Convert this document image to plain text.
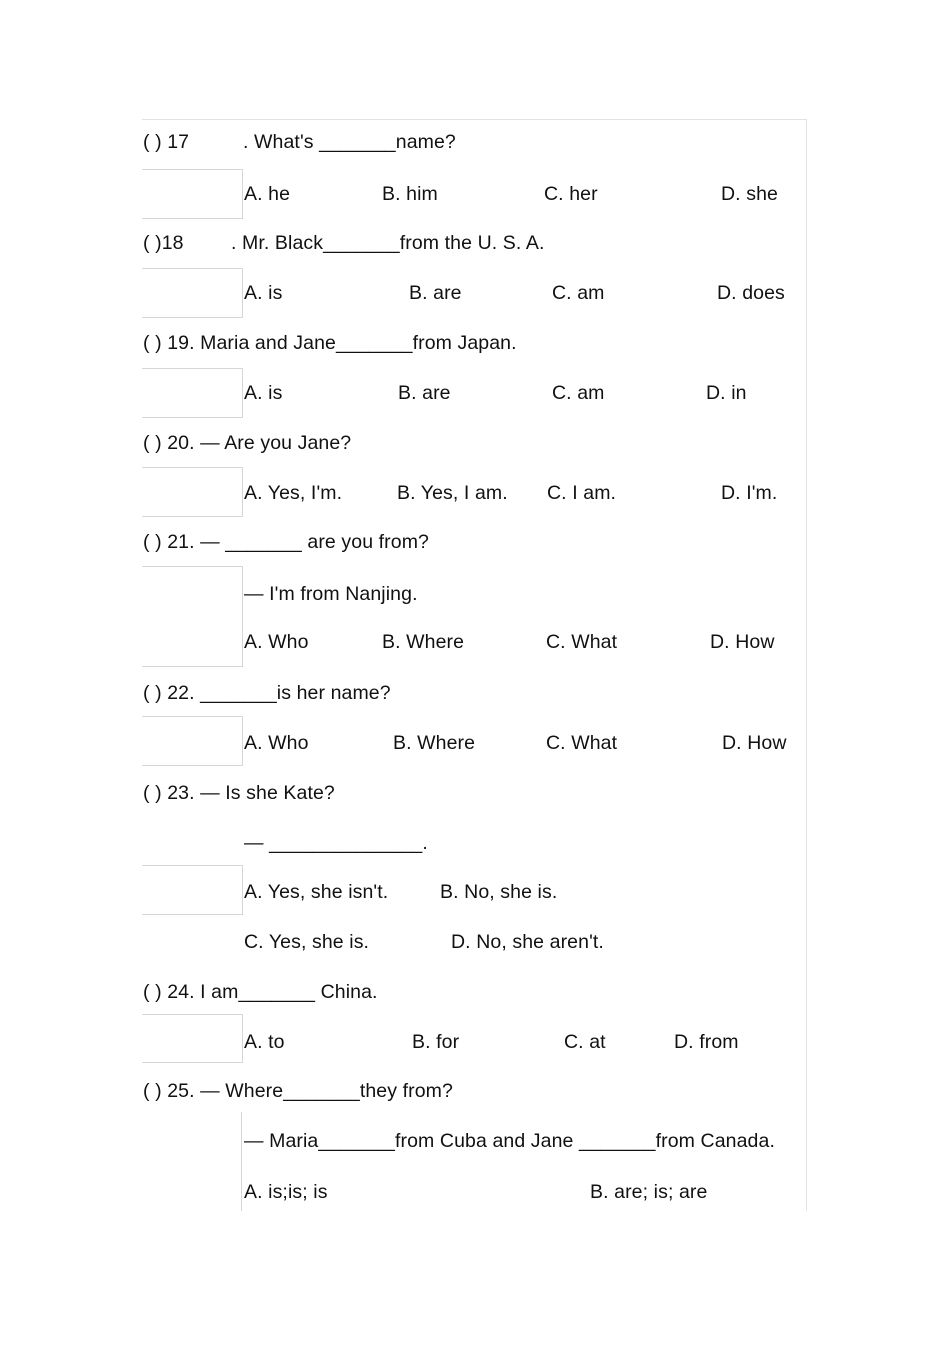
( ) 17	. What's _______name?
A. he	B. him	C. her	D. she
( )18 . Mr. Black_______from the U. S. A.
A. is	B. are	C. am	D. does
( ) 19. Maria and Jane_______from Japan.
A. is	B. are	C. am	D. in
( ) 20. — Are you Jane?
A. Yes, I'm.	B. Yes, I am. C. I am.	D. I'm.
( ) 21. — _______ are you from?
— I'm from Nanjing.
A. Who	B. Where	C. What	D. How
( ) 22. _______is her name?
A. Who	B. Where	C. What	D. How
( ) 23. — Is she Kate?
— ______________.
A. Yes, she isn't.	B. No, she is.
C. Yes, she is.	D. No, she aren't.
( ) 24. I am_______ China.
A. to	B. for	C. at	D. from
( ) 25. — Where_______they from?
— Maria_______from Cuba and Jane _______from Canada.
A. is;is; is	B. are; is; are
